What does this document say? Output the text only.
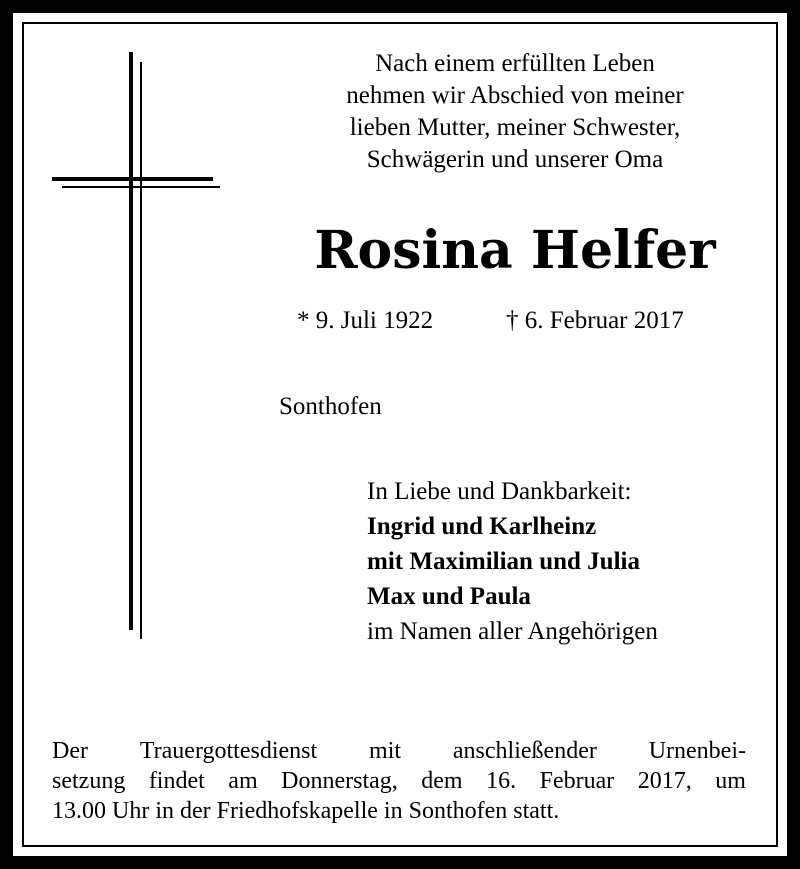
Nach einem erfüllten Leben
nehmen wir Abschied von meiner
lieben Mutter, meiner Schwester,
Schwägerin und unserer Oma
Rosina Helfer
* 9. Juli 1922	† 6. Februar 2017
Sonthofen
In Liebe und Dankbarkeit:
Ingrid und Karlheinz
mit Maximilian und Julia
Max und Paula
im Namen aller Angehörigen
Der Trauergottesdienst mit anschließender Urnenbei-
setzung findet am Donnerstag, dem 16. Februar 2017, um
13.00 Uhr in der Friedhofskapelle in Sonthofen statt.
